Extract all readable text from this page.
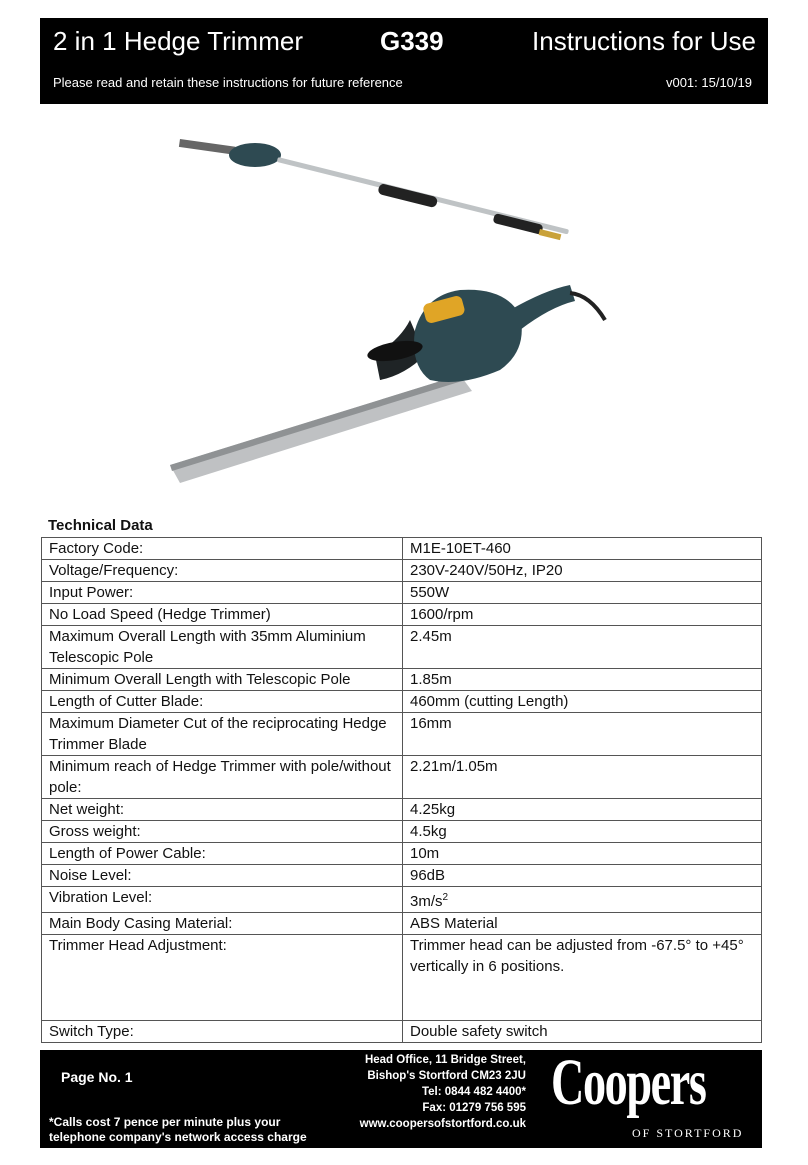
2 in 1 Hedge Trimmer	G339	Instructions for Use
Please read and retain these instructions for future reference	v001: 15/10/19
Technical Data
Factory Code:	M1E-10ET-460
Voltage/Frequency:	230V-240V/50Hz, IP20
Input Power:	550W
No Load Speed (Hedge Trimmer)	1600/rpm
Maximum Overall Length with 35mm Aluminium Telescopic Pole	2.45m
Minimum Overall Length with Telescopic Pole	1.85m
Length of Cutter Blade:	460mm (cutting Length)
Maximum Diameter Cut of the reciprocating Hedge Trimmer Blade	16mm
Minimum reach of Hedge Trimmer with pole/without pole:	2.21m/1.05m
Net weight:	4.25kg
Gross weight:	4.5kg
Length of Power Cable:	10m
Noise Level:	96dB
Vibration Level:	$3m/s^2$
Main Body Casing Material:	ABS Material
Trimmer Head Adjustment:	Trimmer head can be adjusted from -67.5° to +45° vertically in 6 positions.
Switch Type:	Double safety switch
Page No. 1
*Calls cost 7 pence per minute plus your
telephone company's network access charge
Head Office, 11 Bridge Street,
Bishop's Stortford CM23 2JU
Tel: 0844 482 4400*
Fax: 01279 756 595
www.coopersofstortford.co.uk
Coopers
OF STORTFORD
